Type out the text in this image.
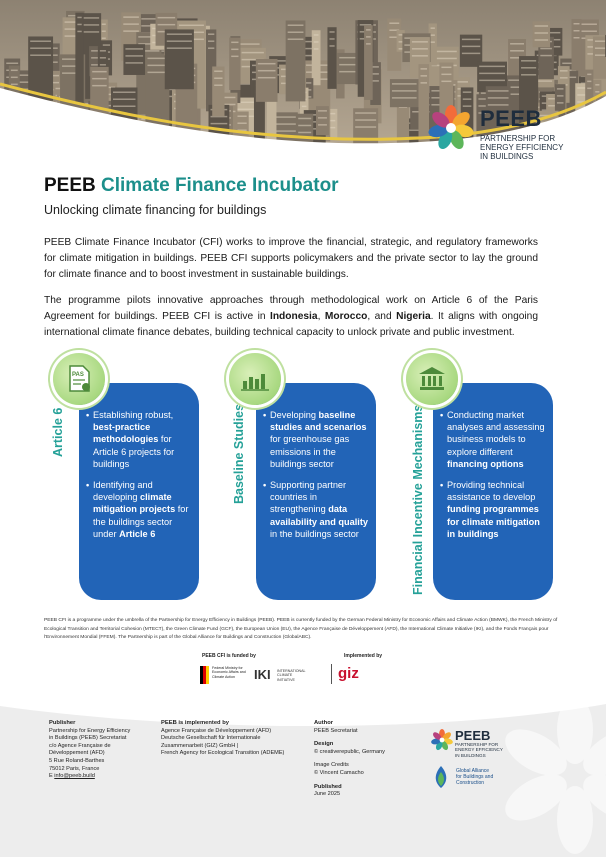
PEEB
PARTNERSHIP FOR
ENERGY EFFICIENCY
IN BUILDINGS
PEEB Climate Finance Incubator

Unlocking climate financing for buildings

PEEB Climate Finance Incubator (CFI) works to improve the financial, strategic, and regulatory frameworks for climate mitigation in buildings. PEEB CFI supports policymakers and the private sector to lay the ground for climate finance and to boost investment in sustainable buildings.

The programme pilots innovative approaches through methodological work on Article 6 of the Paris Agreement for buildings. PEEB CFI is active in Indonesia, Morocco, and Nigeria. It aligns with ongoing international climate finance debates, building technical capacity to unlock private and public investment.

Article 6	• Establishing robust, best-practice methodologies for Article 6 projects for buildings
• Identifying and developing climate mitigation projects for the buildings sector under Article 6
PAS
Baseline Studies	• Developing baseline studies and scenarios for greenhouse gas emissions in the buildings sector
• Supporting partner countries in strengthening data availability and quality in the buildings sector	Financial Incentive Mechanisms	• Conducting market analyses and assessing business models to explore different financing options
• Providing technical assistance to develop funding programmes for climate mitigation in buildings

PEEB CFI is a programme under the umbrella of the Partnership for Energy Efficiency in Buildings (PEEB). PEEB is currently funded by the German Federal Ministry for Economic Affairs and Climate Action (BMWK), the French Ministry of Ecological Transition and Territorial Cohesion (MTECT), the Green Climate Fund (GCF), the European Union (EU), the Agence Française de Développement (AFD), the International Climate Initiative (IKI), and the Fonds Français pour l'Environnement Mondial (FFEM). The Partnership is part of the Global Alliance for Buildings and Construction (GlobalABC).

PEEB CFI is funded by	Implemented by
Federal Ministry for Economic Affairs and Climate Action	IKI INTERNATIONAL CLIMATE INITIATIVE	giz
Publisher
Partnership for Energy Efficiency
in Buildings (PEEB) Secretariat
c/o Agence Française de
Développement (AFD)
5 Rue Roland-Barthes
75012 Paris, France
E info@peeb.build
PEEB is implemented by
Agence Française de Développement (AFD)
Deutsche Gesellschaft für Internationale
Zusammenarbeit (GIZ) GmbH |
French Agency for Ecological Transition (ADEME)
Author
PEEB Secretariat
Design
© creativerepublic, Germany
Image Credits
© Vincent Camacho
Published
June 2025
PEEB
PARTNERSHIP FOR
ENERGY EFFICIENCY
IN BUILDINGS
Global Alliance
for Buildings and
Construction
